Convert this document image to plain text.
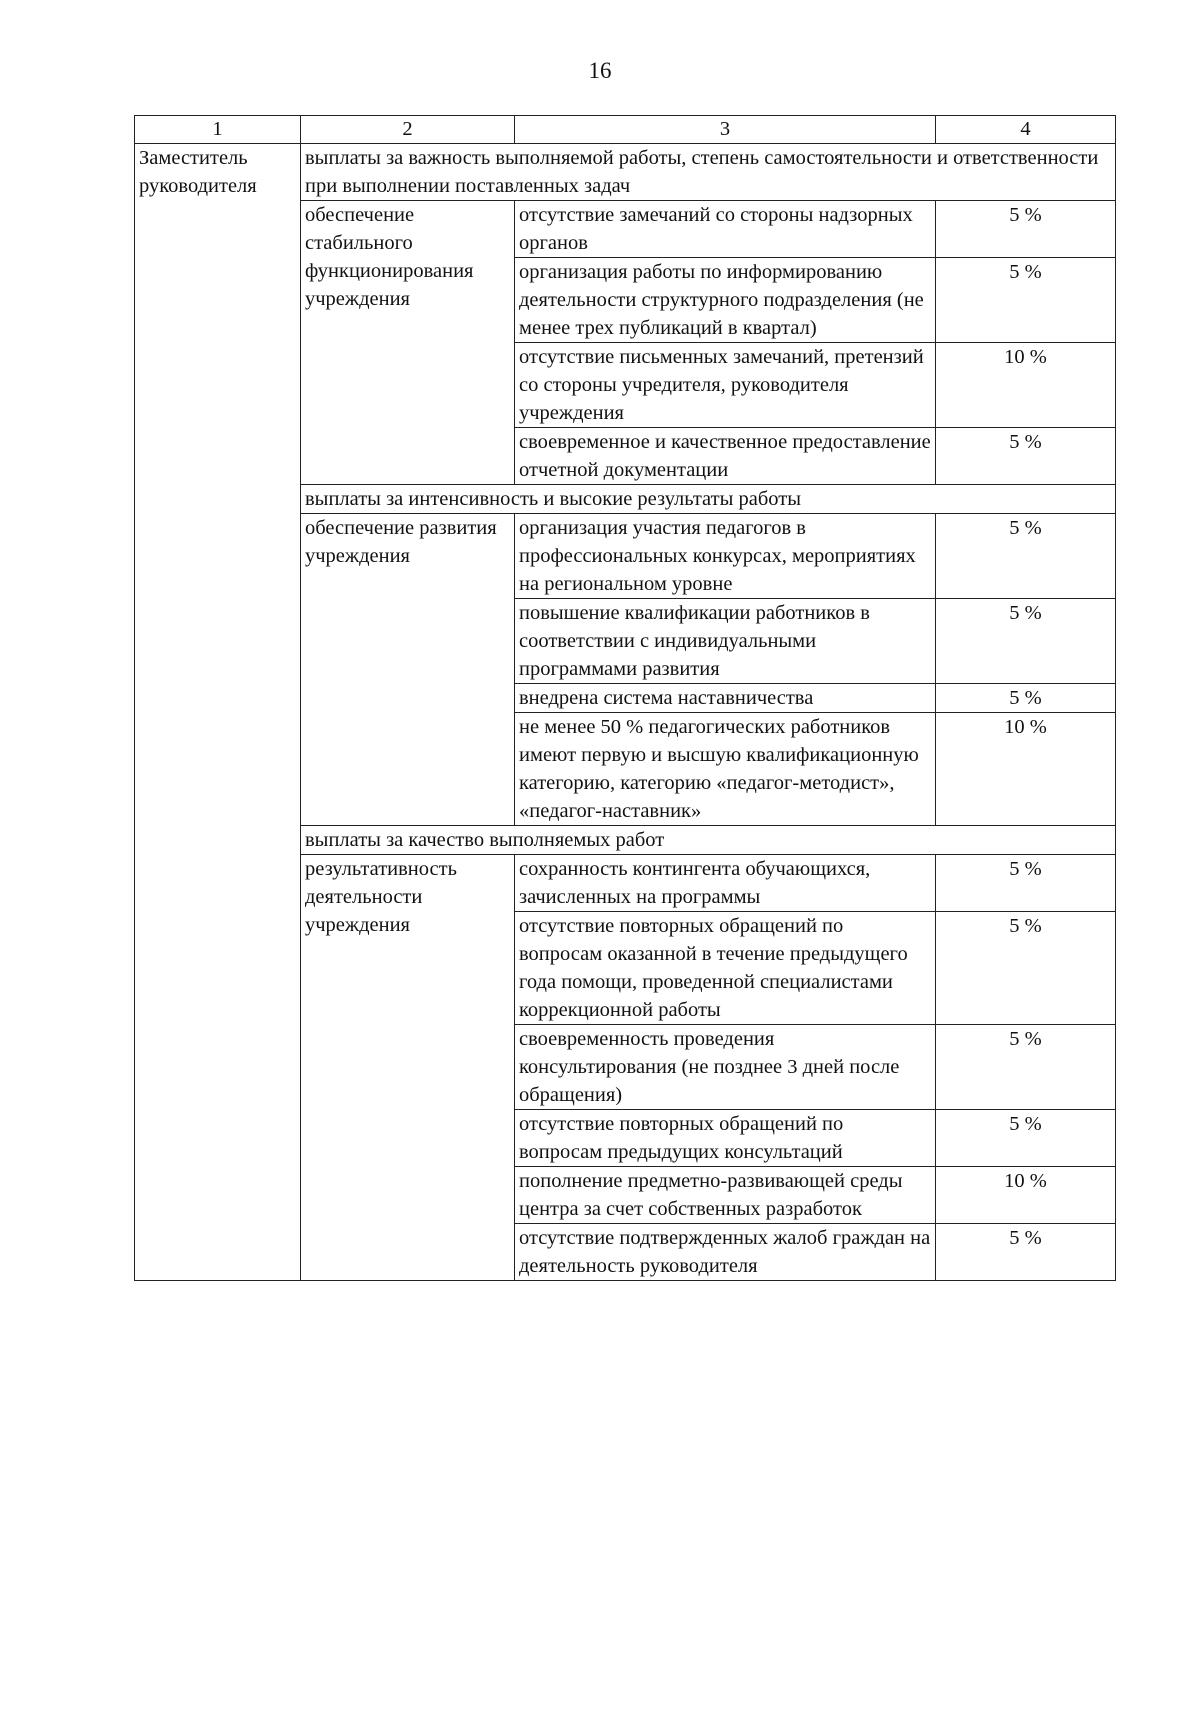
16
1	2	3	4
Заместитель руководителя	выплаты за важность выполняемой работы, степень самостоятельности и ответственности при выполнении поставленных задач		
	обеспечение стабильного функционирования учреждения	отсутствие замечаний со стороны надзорных органов	5 %
		организация работы по информированию деятельности структурного подразделения (не менее трех публикаций в квартал)	5 %
		отсутствие письменных замечаний, претензий со стороны учредителя, руководителя учреждения	10 %
		своевременное и качественное предоставление отчетной документации	5 %
	выплаты за интенсивность и высокие результаты работы		
	обеспечение развития учреждения	организация участия педагогов в профессиональных конкурсах, мероприятиях на региональном уровне	5 %
		повышение квалификации работников в соответствии с индивидуальными программами развития	5 %
		внедрена система наставничества	5 %
		не менее 50 % педагогических работников имеют первую и высшую квалификационную категорию, категорию «педагог-методист», «педагог-наставник»	10 %
	выплаты за качество выполняемых работ		
	результативность деятельности учреждения	сохранность контингента обучающихся, зачисленных на программы	5 %
		отсутствие повторных обращений по вопросам оказанной в течение предыдущего года помощи, проведенной специалистами коррекционной работы	5 %
		своевременность проведения консультирования (не позднее 3 дней после обращения)	5 %
		отсутствие повторных обращений по вопросам предыдущих консультаций	5 %
		пополнение предметно-развивающей среды центра за счет собственных разработок	10 %
		отсутствие подтвержденных жалоб граждан на деятельность руководителя	5 %
